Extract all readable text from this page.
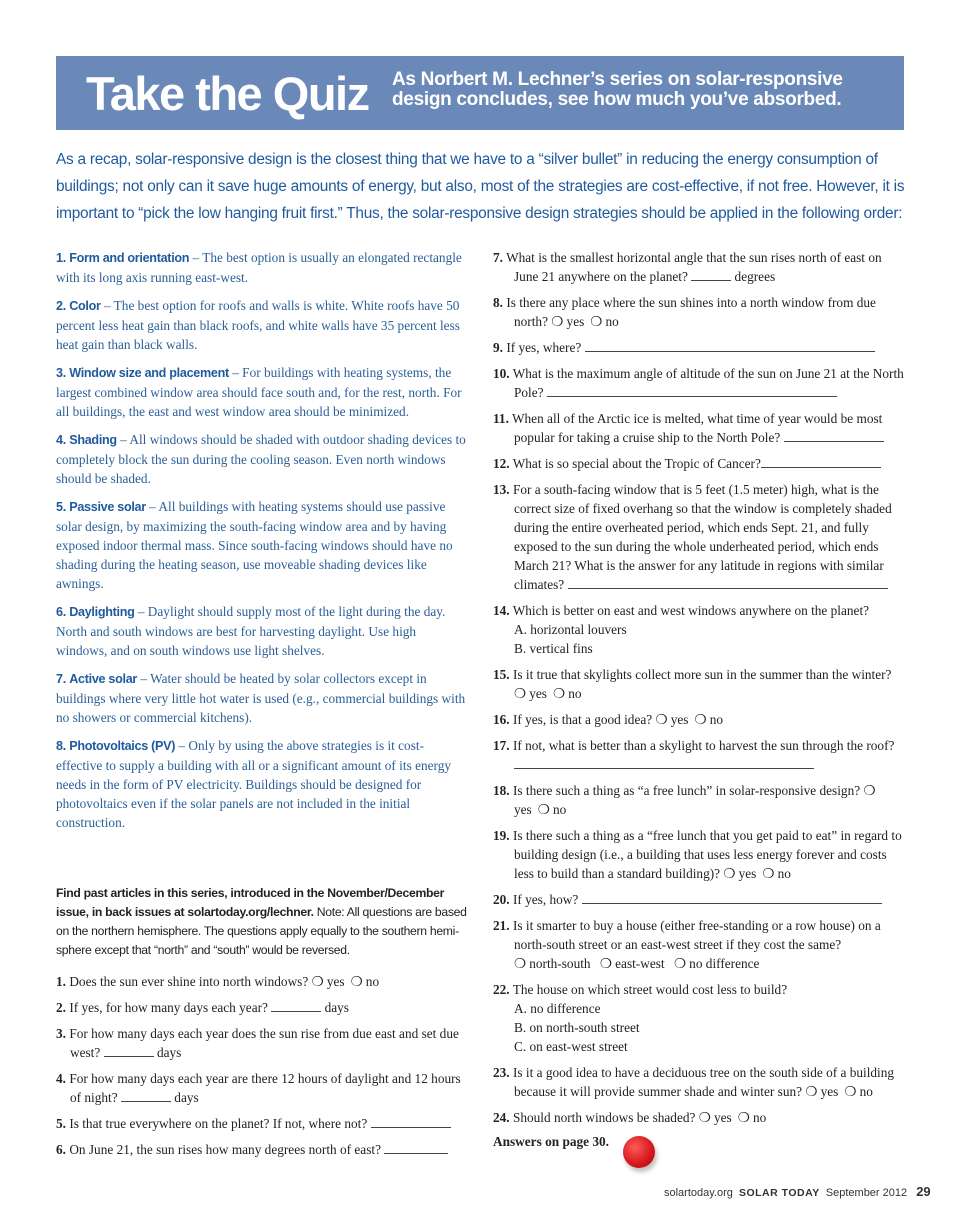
Take the Quiz As Norbert M. Lechner’s series on solar-responsive design concludes, see how much you’ve absorbed.
As a recap, solar-responsive design is the closest thing that we have to a “silver bullet” in reducing the energy consumption of buildings; not only can it save huge amounts of energy, but also, most of the strategies are cost-effective, if not free. However, it is important to “pick the low hanging fruit first.” Thus, the solar-responsive design strategies should be applied in the following order:

1. Form and orientation – The best option is usually an elongated rectangle with its long axis running east-west.

2. Color – The best option for roofs and walls is white. White roofs have 50 percent less heat gain than black roofs, and white walls have 35 percent less heat gain than black walls.

3. Window size and placement – For buildings with heating systems, the largest combined window area should face south and, for the rest, north. For all buildings, the east and west window area should be minimized.

4. Shading – All windows should be shaded with outdoor shading devices to completely block the sun during the cooling season. Even north windows should be shaded.

5. Passive solar – All buildings with heating systems should use passive solar design, by maximizing the south-facing window area and by having exposed indoor thermal mass. Since south-facing windows should have no shading during the heating season, use moveable shading devices like awnings.

6. Daylighting – Daylight should supply most of the light during the day. North and south windows are best for harvesting daylight. Use high windows, and on south windows use light shelves.

7. Active solar – Water should be heated by solar collectors except in buildings where very little hot water is used (e.g., commercial buildings with no showers or commercial kitchens).

8. Photovoltaics (PV) – Only by using the above strategies is it cost-effective to supply a building with all or a significant amount of its energy needs in the form of PV electricity. Buildings should be designed for photovoltaics even if the solar panels are not included in the initial construction.

Find past articles in this series, introduced in the November/December issue, in back issues at solartoday.org/lechner. Note: All questions are based on the northern hemisphere. The questions apply equally to the southern hemisphere except that “north” and “south” would be reversed.

1. Does the sun ever shine into north windows? ❍ yes ❍ no

2. If yes, for how many days each year?	days

3. For how many days each year does the sun rise from due east and set due west?	days

4. For how many days each year are there 12 hours of daylight and 12 hours of night?	days

5. Is that true everywhere on the planet? If not, where not?

6. On June 21, the sun rises how many degrees north of east?

7. What is the smallest horizontal angle that the sun rises north of east on June 21 anywhere on the planet?	degrees

8. Is there any place where the sun shines into a north window from due north? ❍ yes ❍ no

9. If yes, where?

10. What is the maximum angle of altitude of the sun on June 21 at the North Pole?

11. When all of the Arctic ice is melted, what time of year would be most popular for taking a cruise ship to the North Pole?

12. What is so special about the Tropic of Cancer?

13. For a south-facing window that is 5 feet (1.5 meter) high, what is the correct size of fixed overhang so that the window is completely shaded during the entire overheated period, which ends Sept. 21, and fully exposed to the sun during the whole underheated period, which ends March 21? What is the answer for any latitude in regions with similar climates?

14. Which is better on east and west windows anywhere on the planet?
A. horizontal louvers
B. vertical fins

15. Is it true that skylights collect more sun in the summer than the winter? ❍ yes ❍ no

16. If yes, is that a good idea? ❍ yes ❍ no

17. If not, what is better than a skylight to harvest the sun through the roof?

18. Is there such a thing as “a free lunch” in solar-responsive design? ❍ yes ❍ no

19. Is there such a thing as a “free lunch that you get paid to eat” in regard to building design (i.e., a building that uses less energy forever and costs less to build than a standard building)? ❍ yes ❍ no

20. If yes, how?

21. Is it smarter to buy a house (either free-standing or a row house) on a north-south street or an east-west street if they cost the same?
❍ north-south ❍ east-west ❍ no difference

22. The house on which street would cost less to build?
A. no difference
B. on north-south street
C. on east-west street

23. Is it a good idea to have a deciduous tree on the south side of a building because it will provide summer shade and winter sun? ❍ yes ❍ no

24. Should north windows be shaded? ❍ yes ❍ no

Answers on page 30.

solartoday.org SOLAR TODAY September 2012 29
